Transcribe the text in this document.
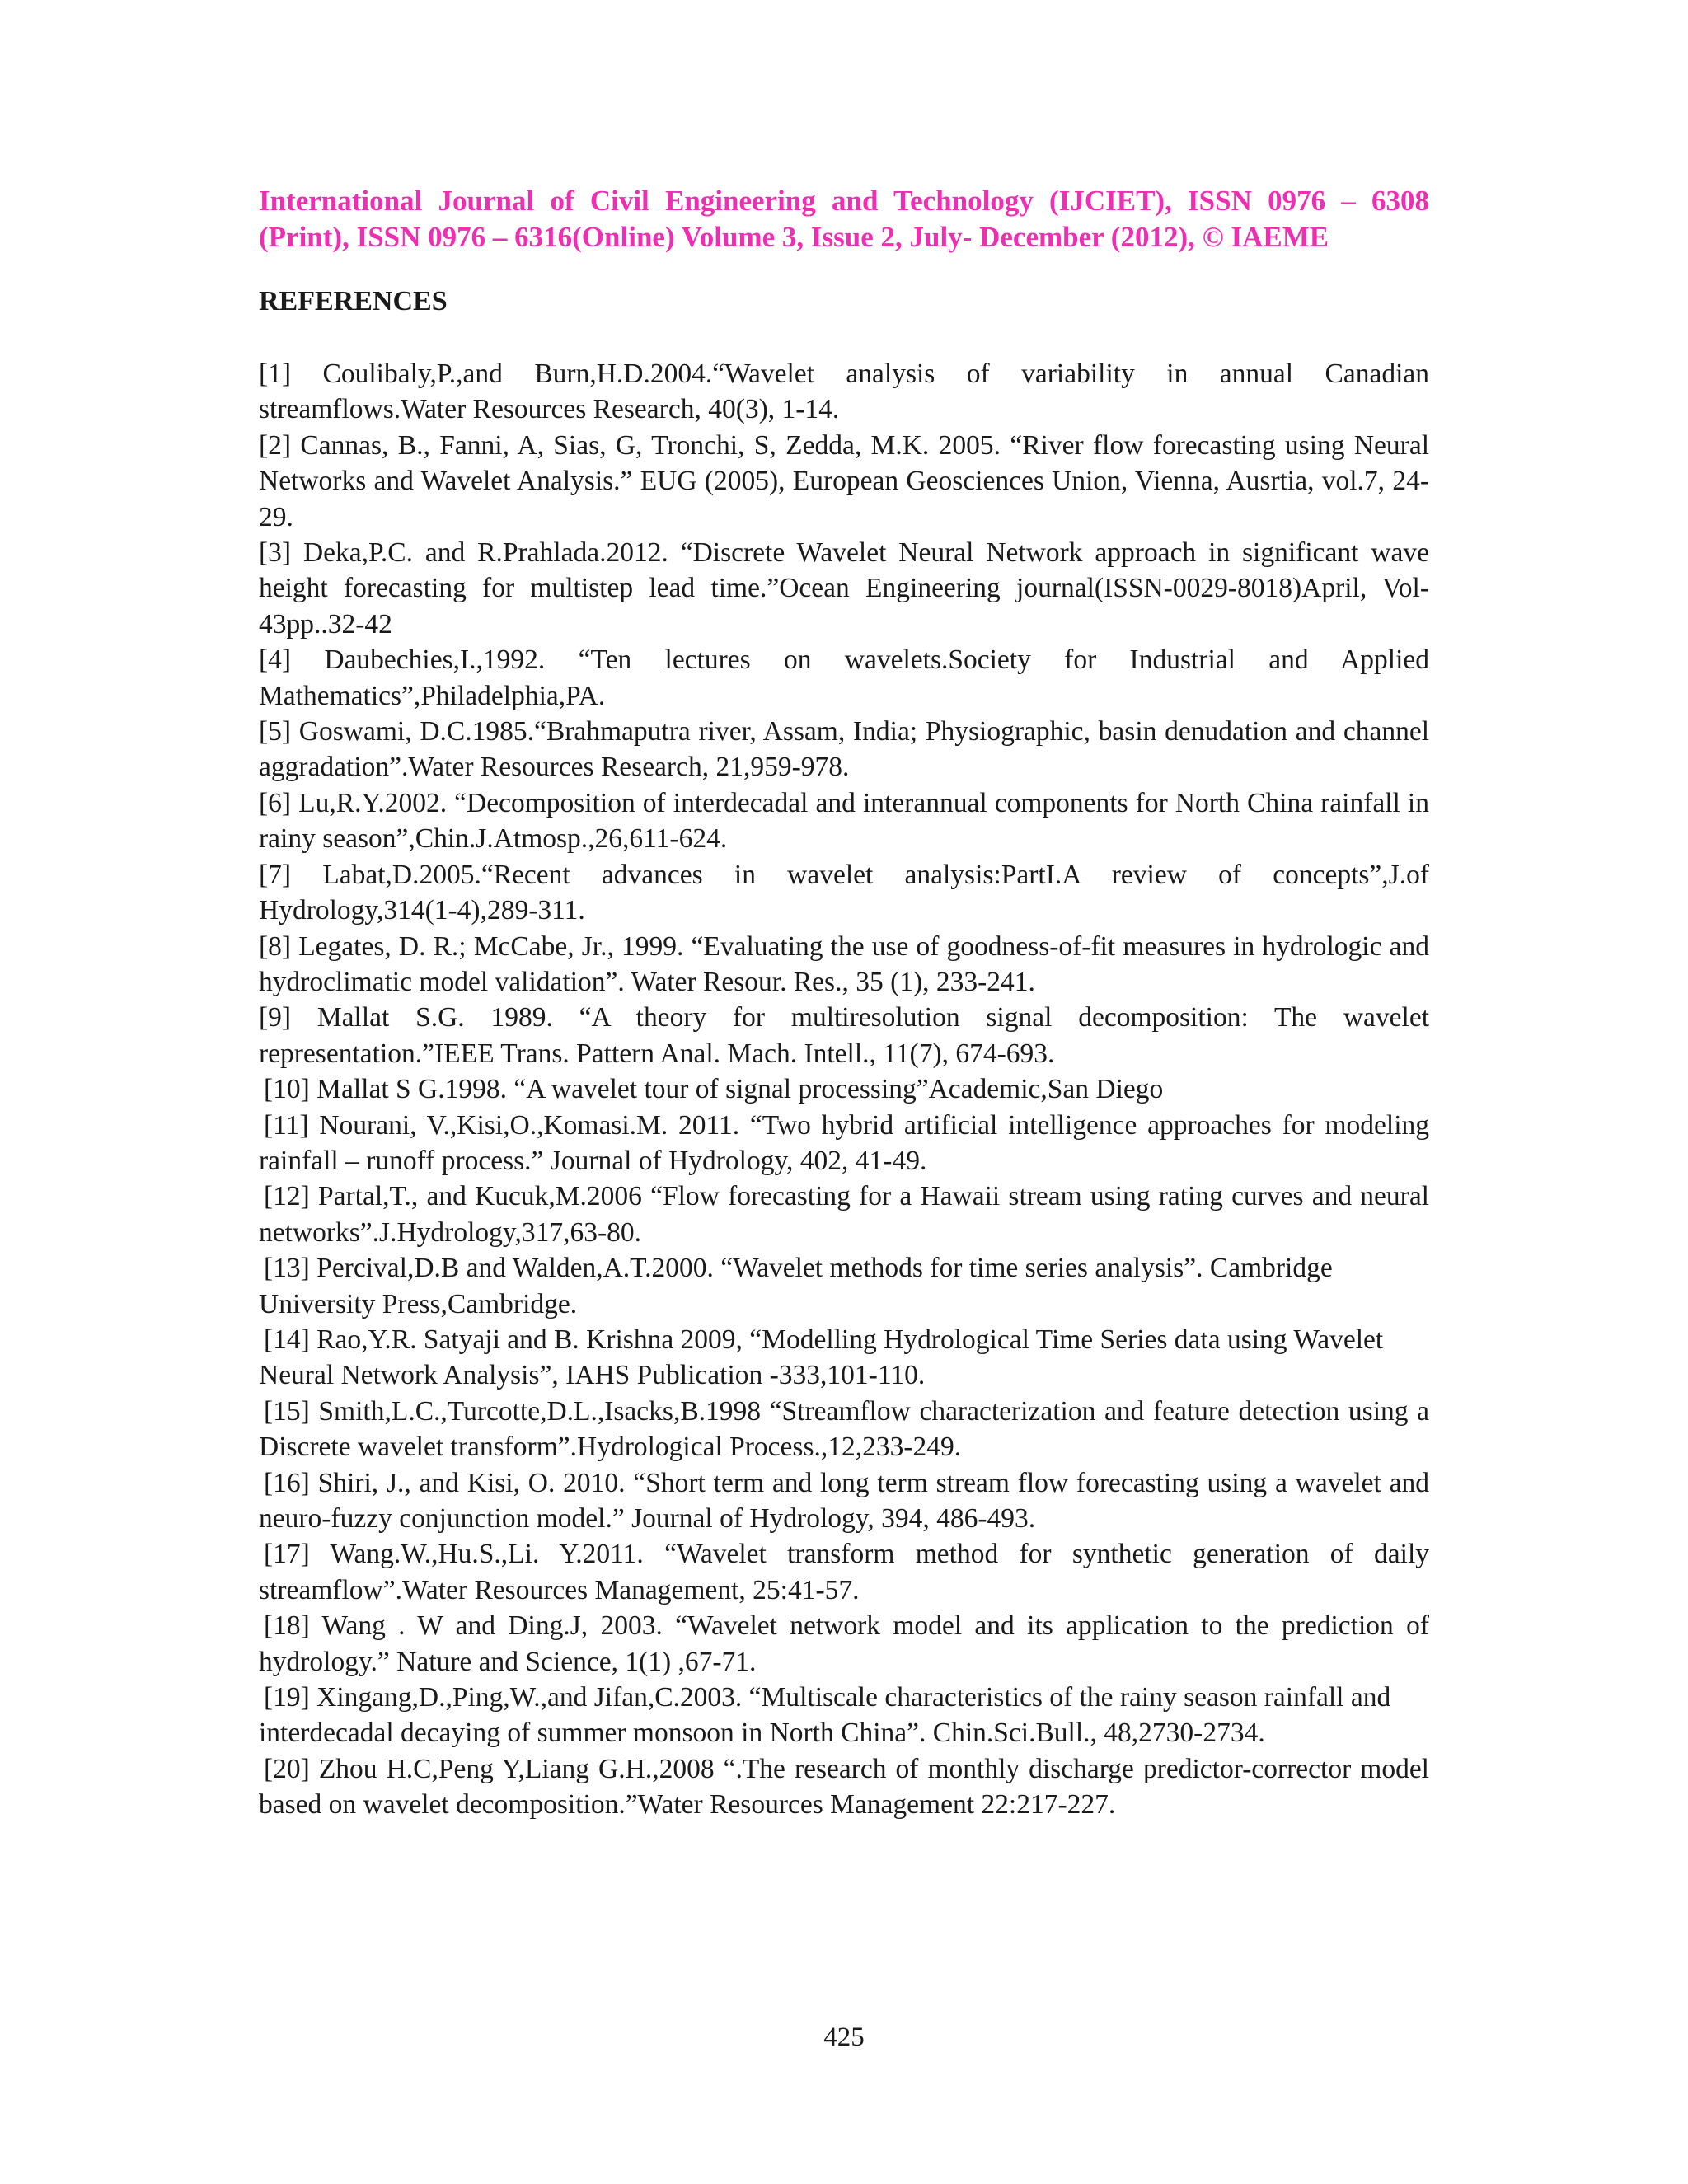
International Journal of Civil Engineering and Technology (IJCIET), ISSN 0976 – 6308

(Print), ISSN 0976 – 6316(Online) Volume 3, Issue 2, July- December (2012), © IAEME

REFERENCES
[1] Coulibaly,P.,and Burn,H.D.2004.“Wavelet analysis of variability in annual Canadian streamflows.Water Resources Research, 40(3), 1-14.
[2] Cannas, B., Fanni, A, Sias, G, Tronchi, S, Zedda, M.K. 2005. “River flow forecasting using Neural Networks and Wavelet Analysis.” EUG (2005), European Geosciences Union, Vienna, Ausrtia, vol.7, 24-29.
[3] Deka,P.C. and R.Prahlada.2012. “Discrete Wavelet Neural Network approach in significant wave height forecasting for multistep lead time.”Ocean Engineering journal(ISSN-0029-8018)April, Vol-43pp..32-42
[4] Daubechies,I.,1992. “Ten lectures on wavelets.Society for Industrial and Applied Mathematics”,Philadelphia,PA.
[5] Goswami, D.C.1985.“Brahmaputra river, Assam, India; Physiographic, basin denudation and channel aggradation”.Water Resources Research, 21,959-978.
[6] Lu,R.Y.2002. “Decomposition of interdecadal and interannual components for North China rainfall in rainy season”,Chin.J.Atmosp.,26,611-624.
[7] Labat,D.2005.“Recent advances in wavelet analysis:PartI.A review of concepts”,J.of Hydrology,314(1-4),289-311.
[8] Legates, D. R.; McCabe, Jr., 1999. “Evaluating the use of goodness-of-fit measures in hydrologic and hydroclimatic model validation”. Water Resour. Res., 35 (1), 233-241.
[9] Mallat S.G. 1989. “A theory for multiresolution signal decomposition: The wavelet representation.”IEEE Trans. Pattern Anal. Mach. Intell., 11(7), 674-693.
[10] Mallat S G.1998. “A wavelet tour of signal processing”Academic,San Diego
[11] Nourani, V.,Kisi,O.,Komasi.M. 2011. “Two hybrid artificial intelligence approaches for modeling rainfall – runoff process.” Journal of Hydrology, 402, 41-49.
[12] Partal,T., and Kucuk,M.2006 “Flow forecasting for a Hawaii stream using rating curves and neural networks”.J.Hydrology,317,63-80.
[13] Percival,D.B and Walden,A.T.2000. “Wavelet methods for time series analysis”. Cambridge University Press,Cambridge.
[14] Rao,Y.R. Satyaji and B. Krishna 2009, “Modelling Hydrological Time Series data using Wavelet Neural Network Analysis”, IAHS Publication -333,101-110.
[15] Smith,L.C.,Turcotte,D.L.,Isacks,B.1998 “Streamflow characterization and feature detection using a Discrete wavelet transform”.Hydrological Process.,12,233-249.
[16] Shiri, J., and Kisi, O. 2010. “Short term and long term stream flow forecasting using a wavelet and neuro-fuzzy conjunction model.” Journal of Hydrology, 394, 486-493.
[17] Wang.W.,Hu.S.,Li. Y.2011. “Wavelet transform method for synthetic generation of daily streamflow”.Water Resources Management, 25:41-57.
[18] Wang . W and Ding.J, 2003. “Wavelet network model and its application to the prediction of hydrology.” Nature and Science, 1(1) ,67-71.
[19] Xingang,D.,Ping,W.,and Jifan,C.2003. “Multiscale characteristics of the rainy season rainfall and interdecadal decaying of summer monsoon in North China”. Chin.Sci.Bull., 48,2730-2734.
[20] Zhou H.C,Peng Y,Liang G.H.,2008 “.The research of monthly discharge predictor-corrector model based on wavelet decomposition.”Water Resources Management 22:217-227.
425
